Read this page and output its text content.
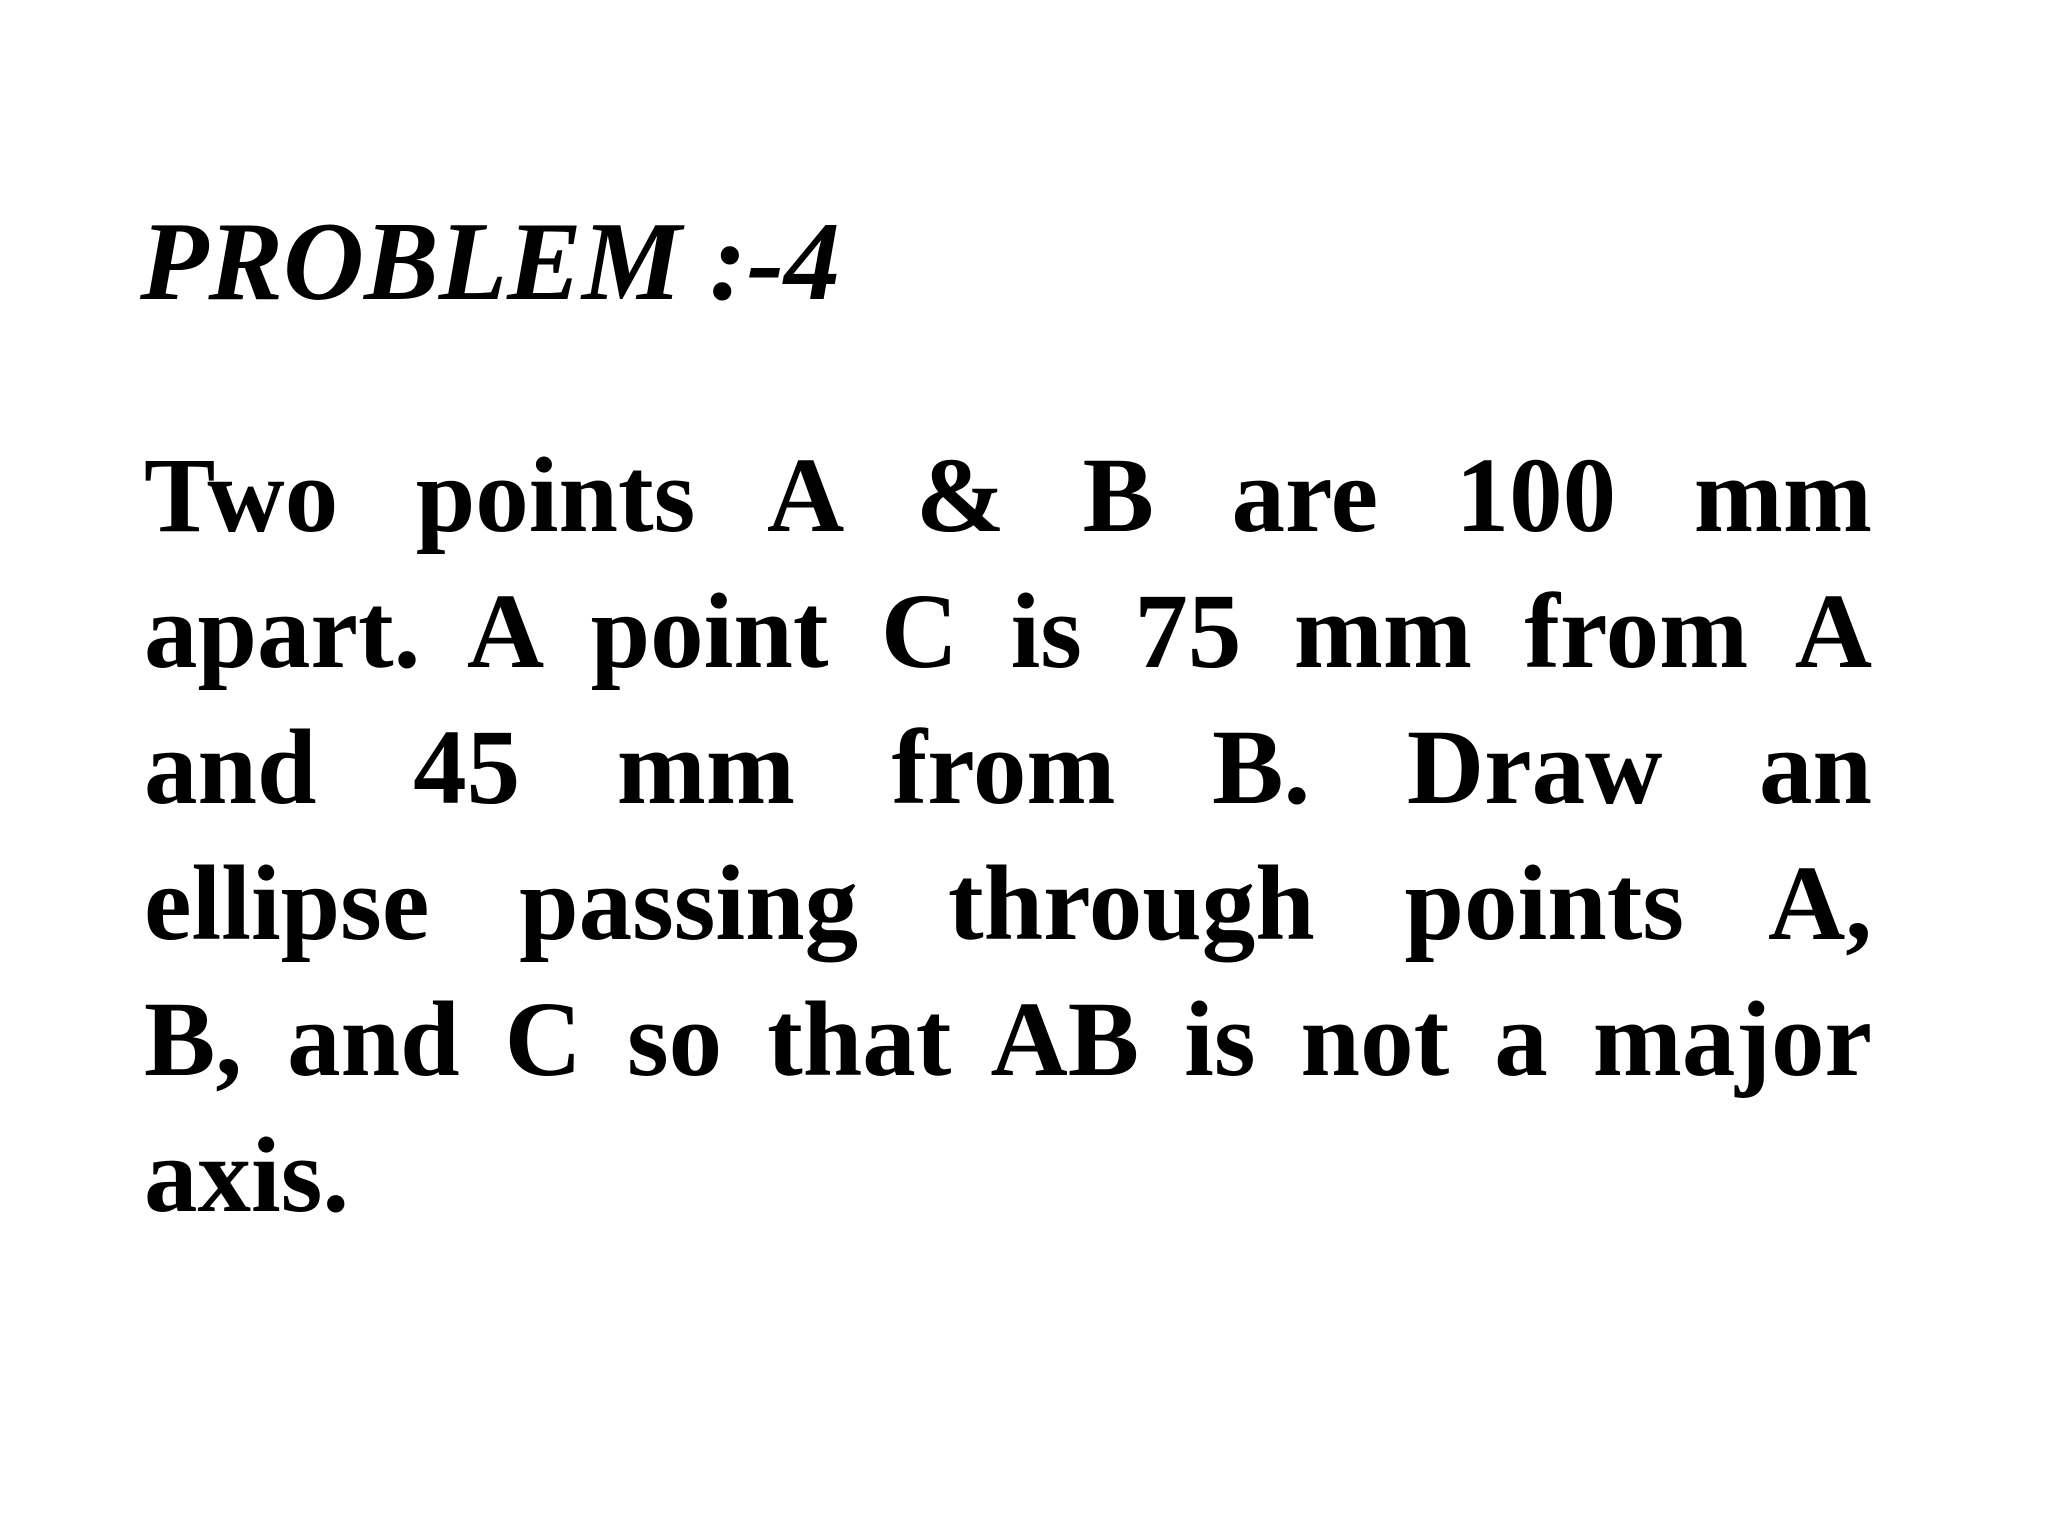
PROBLEM :-4
Two points A & B are 100 mm
apart. A point C is 75 mm from A
and 45 mm from B. Draw an
ellipse passing through points A,
B, and C so that AB is not a major
axis.
